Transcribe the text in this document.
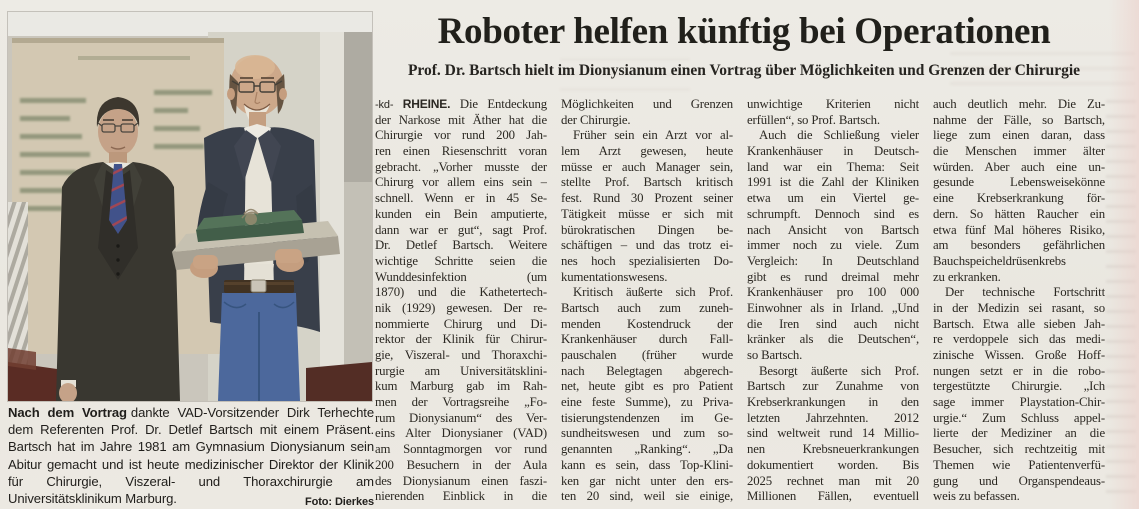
Nach dem Vortrag dankte VAD-Vorsitzender Dirk Terhechte dem Referenten Prof. Dr. Detlef Bartsch mit einem Präsent. Bartsch hat im Jahre 1981 am Gymnasium Dionysianum sein Abitur gemacht und ist heute medizinischer Direktor der Klinik für Chirurgie, Viszeral- und Thoraxchirurgie am Universitätsklinikum Marburg.	Foto: Dierkes
Roboter helfen künftig bei Operationen
Prof. Dr. Bartsch hielt im Dionysianum einen Vortrag über Möglichkeiten und Grenzen der Chirurgie
-kd- RHEINE. Die Entdeckung
der Narkose mit Äther hat die
Chirurgie vor rund 200 Jah-
ren einen Riesenschritt voran
gebracht. „Vorher musste der
Chirurg vor allem eins sein –
schnell. Wenn er in 45 Se-
kunden ein Bein amputierte,
dann war er gut“, sagt Prof.
Dr. Detlef Bartsch. Weitere
wichtige Schritte seien die
Wunddesinfektion (um
1870) und die Kathetertech-
nik (1929) gewesen. Der re-
nommierte Chirurg und Di-
rektor der Klinik für Chirur-
gie, Viszeral- und Thoraxchi-
rurgie am Universitätsklini-
kum Marburg gab im Rah-
men der Vortragsreihe „Fo-
rum Dionysianum“ des Ver-
eins Alter Dionysianer (VAD)
am Sonntagmorgen vor rund
200 Besuchern in der Aula
des Dionysianum einen faszi-
nierenden Einblick in die
Möglichkeiten und Grenzen
der Chirurgie.
Früher sein ein Arzt vor al-
lem Arzt gewesen, heute
müsse er auch Manager sein,
stellte Prof. Bartsch kritisch
fest. Rund 30 Prozent seiner
Tätigkeit müsse er sich mit
bürokratischen Dingen be-
schäftigen – und das trotz ei-
nes hoch spezialisierten Do-
kumentationswesens.
Kritisch äußerte sich Prof.
Bartsch auch zum zuneh-
menden Kostendruck der
Krankenhäuser durch Fall-
pauschalen (früher wurde
nach Belegtagen abgerech-
net, heute gibt es pro Patient
eine feste Summe), zu Priva-
tisierungstendenzen im Ge-
sundheitswesen und zum so-
genannten „Ranking“. „Da
kann es sein, dass Top-Klini-
ken gar nicht unter den ers-
ten 20 sind, weil sie einige,
unwichtige Kriterien nicht
erfüllen“, so Prof. Bartsch.
Auch die Schließung vieler
Krankenhäuser in Deutsch-
land war ein Thema: Seit
1991 ist die Zahl der Kliniken
etwa um ein Viertel ge-
schrumpft. Dennoch sind es
nach Ansicht von Bartsch
immer noch zu viele. Zum
Vergleich: In Deutschland
gibt es rund dreimal mehr
Krankenhäuser pro 100 000
Einwohner als in Irland. „Und
die Iren sind auch nicht
kränker als die Deutschen“,
so Bartsch.
Besorgt äußerte sich Prof.
Bartsch zur Zunahme von
Krebserkrankungen in den
letzten Jahrzehnten. 2012
sind weltweit rund 14 Millio-
nen Krebsneuerkrankungen
dokumentiert worden. Bis
2025 rechnet man mit 20
Millionen Fällen, eventuell
auch deutlich mehr. Die Zu-
nahme der Fälle, so Bartsch,
liege zum einen daran, dass
die Menschen immer älter
würden. Aber auch eine un-
gesunde Lebensweisekönne
eine Krebserkrankung för-
dern. So hätten Raucher ein
etwa fünf Mal höheres Risiko,
am besonders gefährlichen
Bauchspeicheldrüsenkrebs
zu erkranken.
Der technische Fortschritt
in der Medizin sei rasant, so
Bartsch. Etwa alle sieben Jah-
re verdoppele sich das medi-
zinische Wissen. Große Hoff-
nungen setzt er in die robo-
tergestützte Chirurgie. „Ich
sage immer Playstation-Chir-
urgie.“ Zum Schluss appel-
lierte der Mediziner an die
Besucher, sich rechtzeitig mit
Themen wie Patientenverfü-
gung und Organspendeaus-
weis zu befassen.
